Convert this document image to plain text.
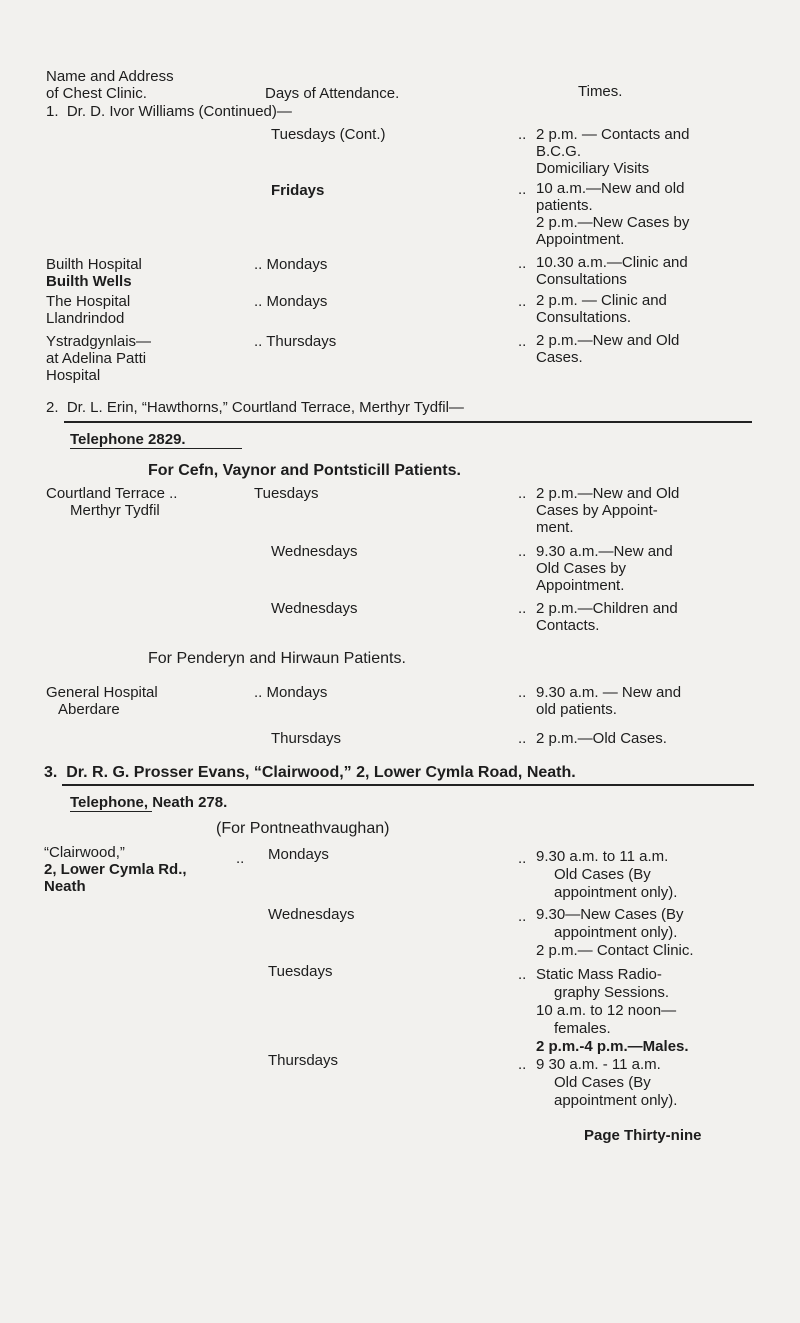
Name and Address
of Chest Clinic.	Days of Attendance.	Times.
1.  Dr. D. Ivor Williams (Continued)—
Tuesdays (Cont.)	.. 2 p.m. — Contacts and
B.C.G.
Domiciliary Visits
Fridays	.. 10 a.m.—New and old
patients.
2 p.m.—New Cases by
Appointment.
Builth Hospital
Builth Wells
.. Mondays	.. 10.30 a.m.—Clinic and
Consultations
The Hospital
Llandrindod
.. Mondays	.. 2 p.m. — Clinic and
Consultations.
Ystradgynlais—
at Adelina Patti
Hospital
.. Thursdays	.. 2 p.m.—New and Old
Cases.
2.  Dr. L. Erin, “Hawthorns,” Courtland Terrace, Merthyr Tydfil—
Telephone 2829.
For Cefn, Vaynor and Pontsticill Patients.
Courtland Terrace ..
Merthyr Tydfil
Tuesdays	.. 2 p.m.—New and Old
Cases by Appoint-
ment.
Wednesdays	.. 9.30 a.m.—New and
Old Cases by
Appointment.
Wednesdays	.. 2 p.m.—Children and
Contacts.
For Penderyn and Hirwaun Patients.
General Hospital
Aberdare
.. Mondays	.. 9.30 a.m. — New and
old patients.
Thursdays	.. 2 p.m.—Old Cases.
3.  Dr. R. G. Prosser Evans, “Clairwood,” 2, Lower Cymla Road, Neath.
Telephone, Neath 278.
(For Pontneathvaughan)
“Clairwood,”	..
2, Lower Cymla Rd.,
Neath
Mondays	.. 9.30 a.m. to 11 a.m.
Old Cases (By
appointment only).
Wednesdays	.. 9.30—New Cases (By
appointment only).
2 p.m.— Contact Clinic.
Tuesdays	.. Static Mass Radio-
graphy Sessions.
10 a.m. to 12 noon—
females.
2 p.m.-4 p.m.—Males.
Thursdays	.. 9 30 a.m. - 11 a.m.
Old Cases (By
appointment only).
Page Thirty-nine
